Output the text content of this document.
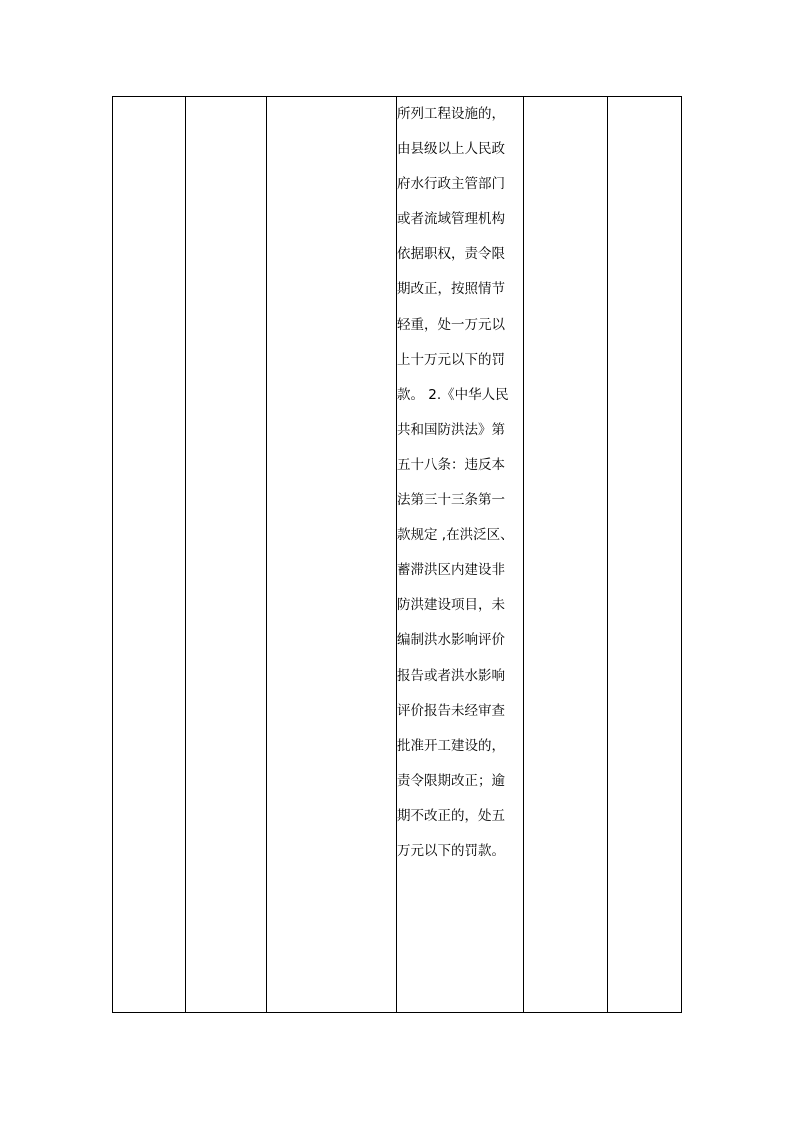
所列工程设施的，
由县级以上人民政
府水行政主管部门
或者流域管理机构
依据职权，责令限
期改正，按照情节
轻重，处一万元以
上十万元以下的罚
款。 2.《中华人民
共和国防洪法》第
五十八条：违反本
法第三十三条第一
款规定 ,在洪泛区、
蓄滞洪区内建设非
防洪建设项目，未
编制洪水影响评价
报告或者洪水影响
评价报告未经审查
批准开工建设的，
责令限期改正；逾
期不改正的，处五
万元以下的罚款。
